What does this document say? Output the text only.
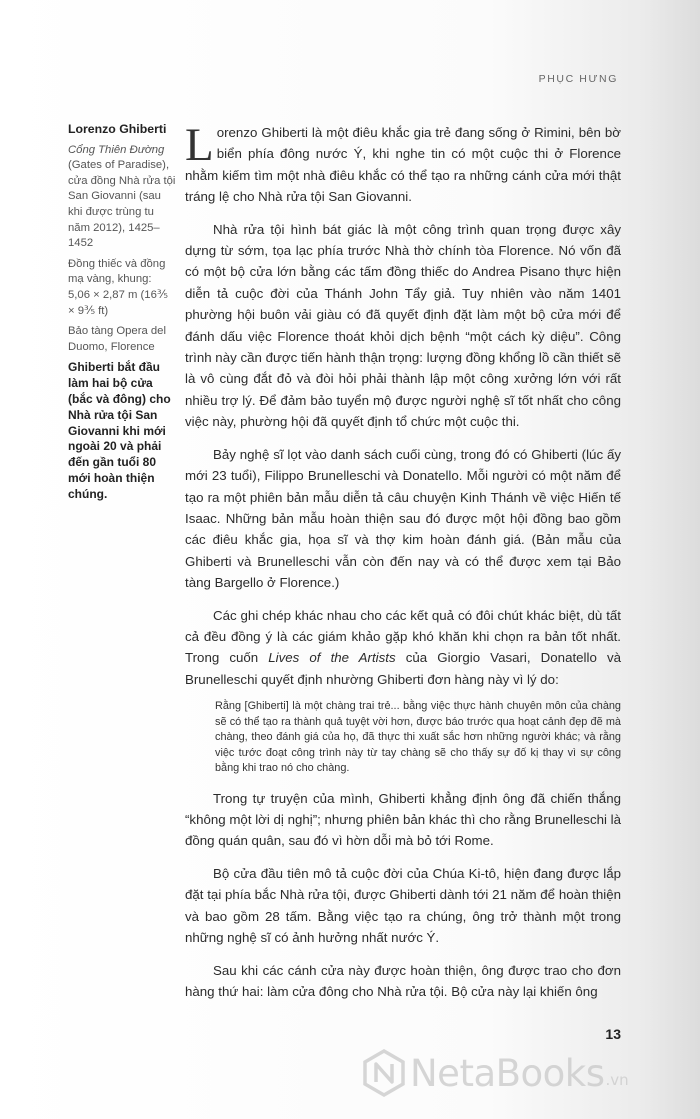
PHỤC HƯNG
Lorenzo Ghiberti

Cổng Thiên Đường (Gates of Paradise), cửa đồng Nhà rửa tội San Giovanni (sau khi được trùng tu năm 2012), 1425–1452

Đồng thiếc và đồng mạ vàng, khung: 5,06 × 2,87 m (16⅗ × 9⅗ ft)

Bảo tàng Opera del Duomo, Florence

Ghiberti bắt đầu làm hai bộ cửa (bắc và đông) cho Nhà rửa tội San Giovanni khi mới ngoài 20 và phải đến gần tuổi 80 mới hoàn thiện chúng.

Lorenzo Ghiberti là một điêu khắc gia trẻ đang sống ở Rimini, bên bờ biển phía đông nước Ý, khi nghe tin có một cuộc thi ở Florence nhằm kiếm tìm một nhà điêu khắc có thể tạo ra những cánh cửa mới thật tráng lệ cho Nhà rửa tội San Giovanni.

Nhà rửa tội hình bát giác là một công trình quan trọng được xây dựng từ sớm, tọa lạc phía trước Nhà thờ chính tòa Florence. Nó vốn đã có một bộ cửa lớn bằng các tấm đồng thiếc do Andrea Pisano thực hiện diễn tả cuộc đời của Thánh John Tẩy giả. Tuy nhiên vào năm 1401 phường hội buôn vải giàu có đã quyết định đặt làm một bộ cửa mới để đánh dấu việc Florence thoát khỏi dịch bệnh “một cách kỳ diệu”. Công trình này cần được tiến hành thận trọng: lượng đồng khổng lồ cần thiết sẽ là vô cùng đắt đỏ và đòi hỏi phải thành lập một công xưởng lớn với rất nhiều trợ lý. Để đảm bảo tuyển mộ được người nghệ sĩ tốt nhất cho công việc này, phường hội đã quyết định tổ chức một cuộc thi.

Bảy nghệ sĩ lọt vào danh sách cuối cùng, trong đó có Ghiberti (lúc ấy mới 23 tuổi), Filippo Brunelleschi và Donatello. Mỗi người có một năm để tạo ra một phiên bản mẫu diễn tả câu chuyện Kinh Thánh về việc Hiến tế Isaac. Những bản mẫu hoàn thiện sau đó được một hội đồng bao gồm các điêu khắc gia, họa sĩ và thợ kim hoàn đánh giá. (Bản mẫu của Ghiberti và Brunelleschi vẫn còn đến nay và có thể được xem tại Bảo tàng Bargello ở Florence.)

Các ghi chép khác nhau cho các kết quả có đôi chút khác biệt, dù tất cả đều đồng ý là các giám khảo gặp khó khăn khi chọn ra bản tốt nhất. Trong cuốn Lives of the Artists của Giorgio Vasari, Donatello và Brunelleschi quyết định nhường Ghiberti đơn hàng này vì lý do:

Rằng [Ghiberti] là một chàng trai trẻ... bằng việc thực hành chuyên môn của chàng sẽ có thể tạo ra thành quả tuyệt vời hơn, được báo trước qua hoạt cảnh đẹp đẽ mà chàng, theo đánh giá của họ, đã thực thi xuất sắc hơn những người khác; và rằng việc tước đoạt công trình này từ tay chàng sẽ cho thấy sự đố kị thay vì sự công bằng khi trao nó cho chàng.

Trong tự truyện của mình, Ghiberti khẳng định ông đã chiến thắng “không một lời dị nghị”; nhưng phiên bản khác thì cho rằng Brunelleschi là đồng quán quân, sau đó vì hờn dỗi mà bỏ tới Rome.

Bộ cửa đầu tiên mô tả cuộc đời của Chúa Ki-tô, hiện đang được lắp đặt tại phía bắc Nhà rửa tội, được Ghiberti dành tới 21 năm để hoàn thiện và bao gồm 28 tấm. Bằng việc tạo ra chúng, ông trở thành một trong những nghệ sĩ có ảnh hưởng nhất nước Ý.

Sau khi các cánh cửa này được hoàn thiện, ông được trao cho đơn hàng thứ hai: làm cửa đông cho Nhà rửa tội. Bộ cửa này lại khiến ông

13
NetaBooks .vn
